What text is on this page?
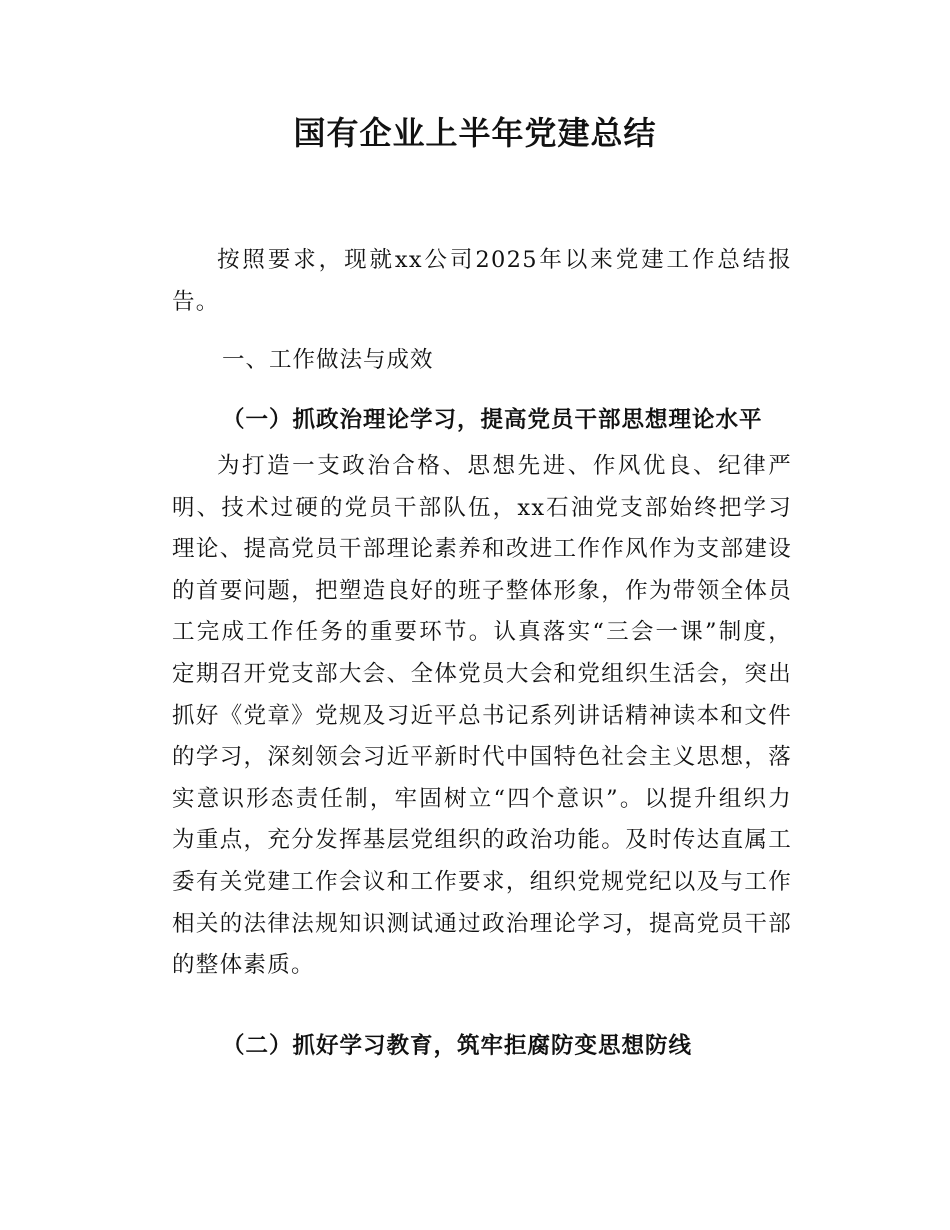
国有企业上半年党建总结

按照要求，现就xx公司2025年以来党建工作总结报告。

一、工作做法与成效
（一）抓政治理论学习，提高党员干部思想理论水平

为打造一支政治合格、思想先进、作风优良、纪律严明、技术过硬的党员干部队伍，xx石油党支部始终把学习理论、提高党员干部理论素养和改进工作作风作为支部建设的首要问题，把塑造良好的班子整体形象，作为带领全体员工完成工作任务的重要环节。认真落实“三会一课”制度，定期召开党支部大会、全体党员大会和党组织生活会，突出抓好《党章》党规及习近平总书记系列讲话精神读本和文件的学习，深刻领会习近平新时代中国特色社会主义思想，落实意识形态责任制，牢固树立“四个意识”。以提升组织力为重点，充分发挥基层党组织的政治功能。及时传达直属工委有关党建工作会议和工作要求，组织党规党纪以及与工作相关的法律法规知识测试通过政治理论学习，提高党员干部的整体素质。

（二）抓好学习教育，筑牢拒腐防变思想防线
